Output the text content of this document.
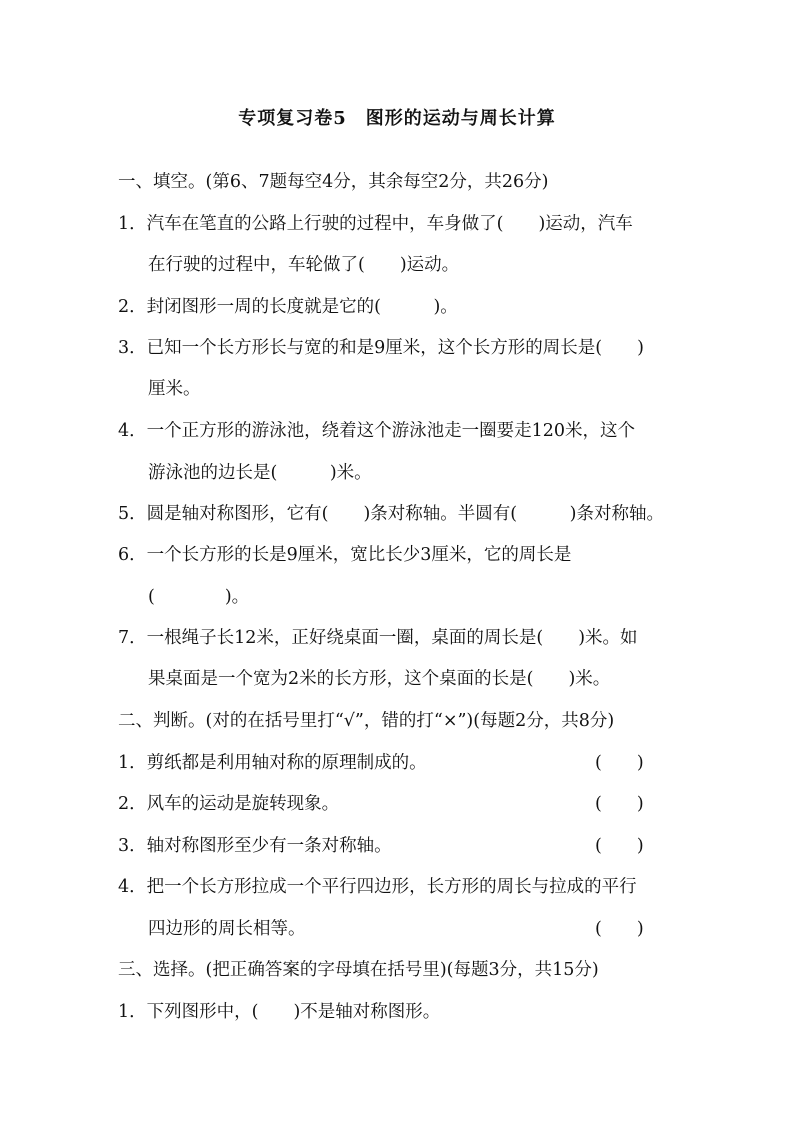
专项复习卷5　图形的运动与周长计算
一、填空。(第6、7题每空4分，其余每空2分，共26分)
1．汽车在笔直的公路上行驶的过程中，车身做了(　　)运动，汽车
在行驶的过程中，车轮做了(　　)运动。
2．封闭图形一周的长度就是它的(　　　)。
3．已知一个长方形长与宽的和是9厘米，这个长方形的周长是(　　)
厘米。
4．一个正方形的游泳池，绕着这个游泳池走一圈要走120米，这个
游泳池的边长是(　　　)米。
5．圆是轴对称图形，它有(　　)条对称轴。半圆有(　　　)条对称轴。
6．一个长方形的长是9厘米，宽比长少3厘米，它的周长是
(　　　　)。
7．一根绳子长12米，正好绕桌面一圈，桌面的周长是(　　)米。如
果桌面是一个宽为2米的长方形，这个桌面的长是(　　)米。
二、判断。(对的在括号里打“√”，错的打“×”)(每题2分，共8分)
1．剪纸都是利用轴对称的原理制成的。	(　　)
2．风车的运动是旋转现象。	(　　)
3．轴对称图形至少有一条对称轴。	(　　)
4．把一个长方形拉成一个平行四边形，长方形的周长与拉成的平行
四边形的周长相等。	(　　)
三、选择。(把正确答案的字母填在括号里)(每题3分，共15分)
1．下列图形中，(　　)不是轴对称图形。
